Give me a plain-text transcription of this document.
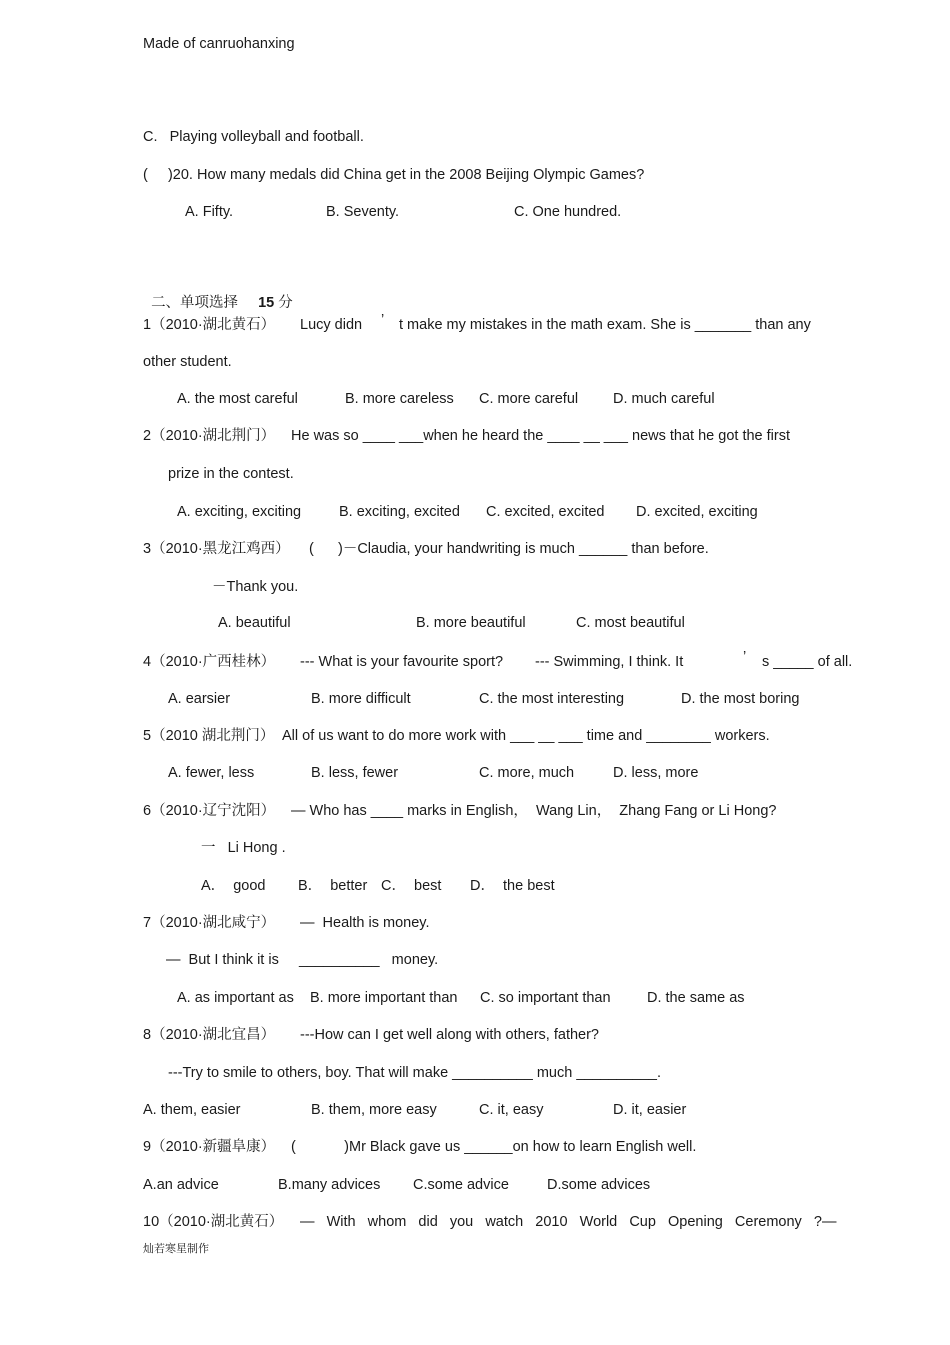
Made of canruohanxing
C.   Playing volleyball and football.
(     )20. How many medals did China get in the 2008 Beijing Olympic Games?
A. Fifty.	B. Seventy.	C. One hundred.

二、单项选择 15 分

1（2010·湖北黄石） Lucy didn ’ t make my mistakes in the math exam. She is _______ than any
other student.
A. the most careful	B. more careless C. more careful D. much careful
2（2010·湖北荆门） He was so ____ ___when he heard the ____ __ ___ news that he got the first
prize in the contest.
A. exciting, exciting	B. exciting, excited C. excited, excited D. excited, exciting
3（2010·黑龙江鸡西） (      )－Claudia, your handwriting is much ______ than before.
－Thank you.
A. beautiful	B. more beautiful	C. most beautiful
4（2010·广西桂林） --- What is your favourite sport? --- Swimming, I think. It	’ s _____ of all.
A. earsier	B. more difficult	C. the most interesting	D. the most boring
5（2010 湖北荆门） All of us want to do more work with ___ __ ___ time and ________ workers.
A. fewer, less	B. less, fewer	C. more, much	D. less, more
6（2010·辽宁沈阳） — Who has ____ marks in English，  Wang Lin，  Zhang Fang or Li Hong?
一   Li Hong .
A．  good B．  better C．  best D．  the best
7（2010·湖北咸宁） —  Health is money.
—  But I think it is     __________   money.
A. as important as B. more important than C. so important than	D. the same as
8（2010·湖北宜昌） ---How can I get well along with others, father?
---Try to smile to others, boy. That will make __________ much __________.
A. them, easier	B. them, more easy	C. it, easy	D. it, easier
9（2010·新疆阜康） (            )Mr Black gave us ______on how to learn English well.
A.an advice	B.many advices C.some advice	D.some advices
10（2010·湖北黄石） —   With   whom   did   you   watch   2010   World   Cup   Opening   Ceremony   ?—
灿若寒星制作
